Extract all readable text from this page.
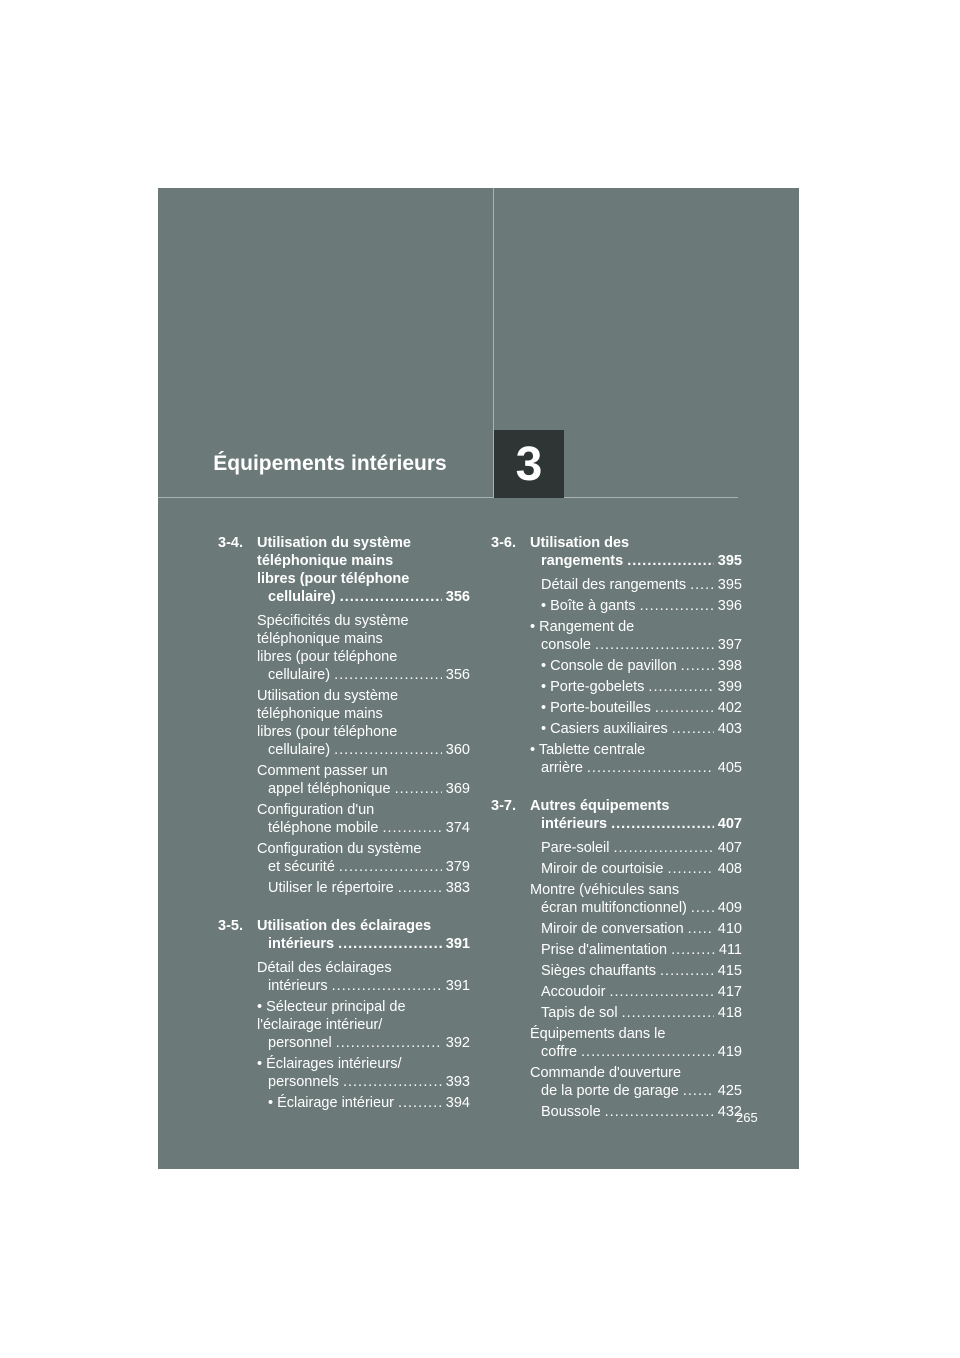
3
Équipements intérieurs
3-4. Utilisation du système
téléphonique mains
libres (pour téléphone
cellulaire) .....	356
Spécificités du système
téléphonique mains
libres (pour téléphone
cellulaire) .....	356
Utilisation du système
téléphonique mains
libres (pour téléphone
cellulaire) .....	360
Comment passer un
appel téléphonique .....	369
Configuration d'un
téléphone mobile .....	374
Configuration du système
et sécurité .....	379
Utiliser le répertoire .....	383
3-5. Utilisation des éclairages
intérieurs .....	391
Détail des éclairages
intérieurs .....	391
• Sélecteur principal de
l'éclairage intérieur/
personnel .....	392
• Éclairages intérieurs/
personnels .....	393
• Éclairage intérieur .....	394
3-6. Utilisation des
rangements .....	395
Détail des rangements ..... 395
• Boîte à gants .....	396
• Rangement de
console .....	397
• Console de pavillon .....	398
• Porte-gobelets .....	399
• Porte-bouteilles .....	402
• Casiers auxiliaires .....	403
• Tablette centrale
arrière .....	405
3-7. Autres équipements
intérieurs .....	407
Pare-soleil .....	407
Miroir de courtoisie .....	408
Montre (véhicules sans
écran multifonctionnel) ..... 409
Miroir de conversation ..... 410
Prise d'alimentation .....	411
Sièges chauffants .....	415
Accoudoir .....	417
Tapis de sol .....	418
Équipements dans le
coffre .....	419
Commande d'ouverture
de la porte de garage .....	425
Boussole .....	432
265
